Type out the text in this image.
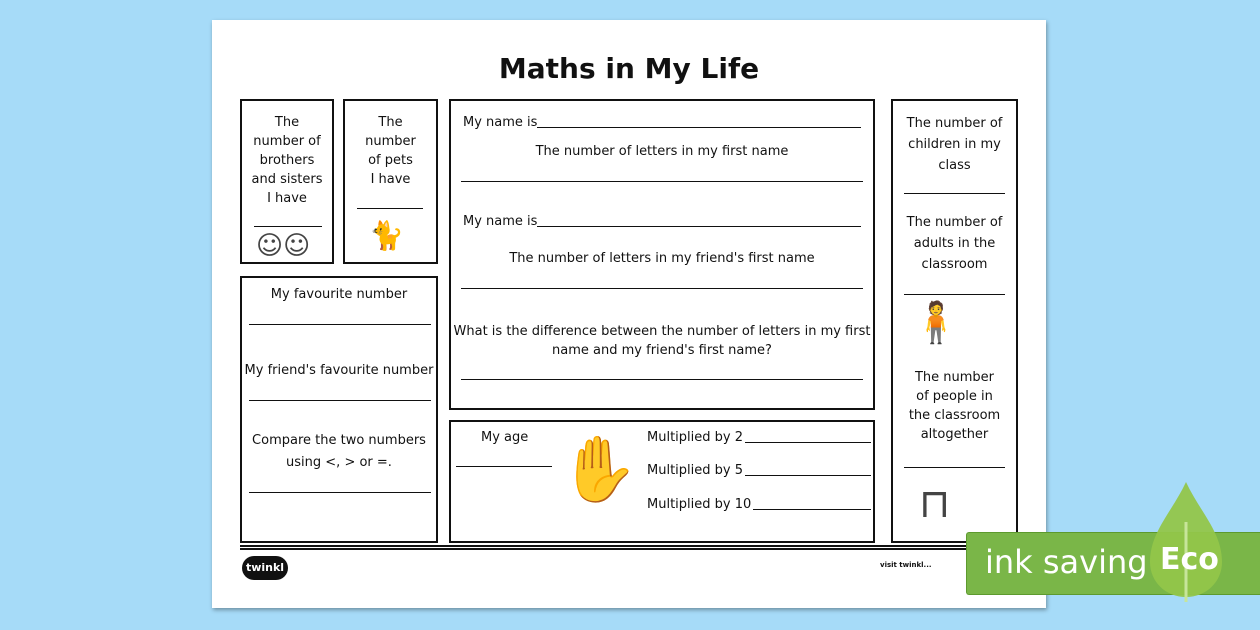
Maths in My Life
The
number of
brothers
and sisters
I have
☺☺
The
number
of pets
I have
🐈
My favourite number
My friend's favourite number
Compare the two numbers
using <, > or =.
My name is
The number of letters in my first name
My name is
The number of letters in my friend's first name
What is the difference between the number of letters in my first
name and my friend's first name?
My age ✋ Multiplied by 2
Multiplied by 5
Multiplied by 10
The number of
children in my
class
The number of
adults in the
classroom
🧍
The number
of people in
the classroom
altogether
⊓
twinkl	visit twinkl... ink saving Eco
